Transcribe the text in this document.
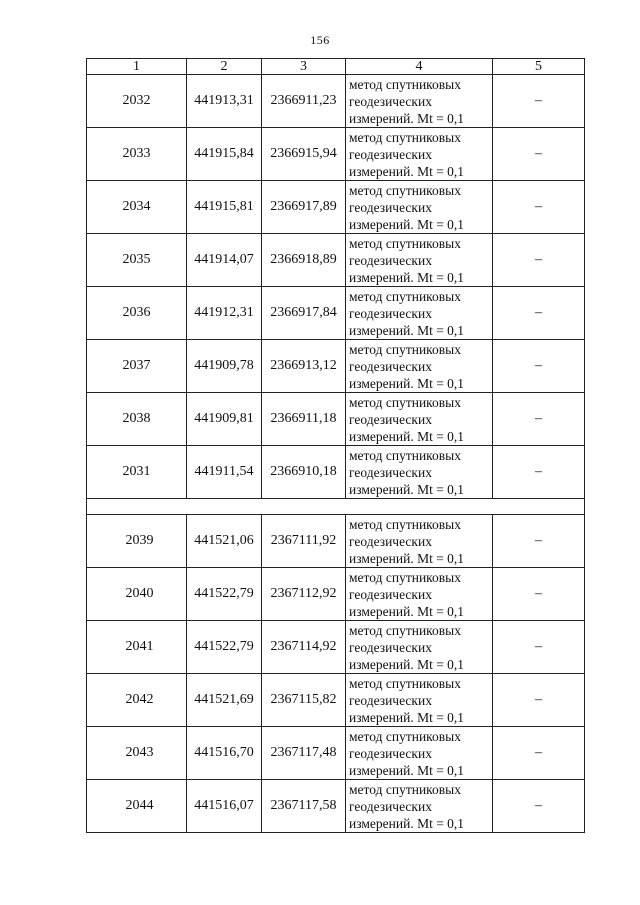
156
1	2	3	4	5
2032	441913,31	2366911,23	метод спутниковых
геодезических
измерений. Mt = 0,1	–
2033	441915,84	2366915,94	метод спутниковых
геодезических
измерений. Mt = 0,1	–
2034	441915,81	2366917,89	метод спутниковых
геодезических
измерений. Mt = 0,1	–
2035	441914,07	2366918,89	метод спутниковых
геодезических
измерений. Mt = 0,1	–
2036	441912,31	2366917,84	метод спутниковых
геодезических
измерений. Mt = 0,1	–
2037	441909,78	2366913,12	метод спутниковых
геодезических
измерений. Mt = 0,1	–
2038	441909,81	2366911,18	метод спутниковых
геодезических
измерений. Mt = 0,1	–
2031	441911,54	2366910,18	метод спутниковых
геодезических
измерений. Mt = 0,1	–

2039	441521,06	2367111,92	метод спутниковых
геодезических
измерений. Mt = 0,1	–
2040	441522,79	2367112,92	метод спутниковых
геодезических
измерений. Mt = 0,1	–
2041	441522,79	2367114,92	метод спутниковых
геодезических
измерений. Mt = 0,1	–
2042	441521,69	2367115,82	метод спутниковых
геодезических
измерений. Mt = 0,1	–
2043	441516,70	2367117,48	метод спутниковых
геодезических
измерений. Mt = 0,1	–
2044	441516,07	2367117,58	метод спутниковых
геодезических
измерений. Mt = 0,1	–
